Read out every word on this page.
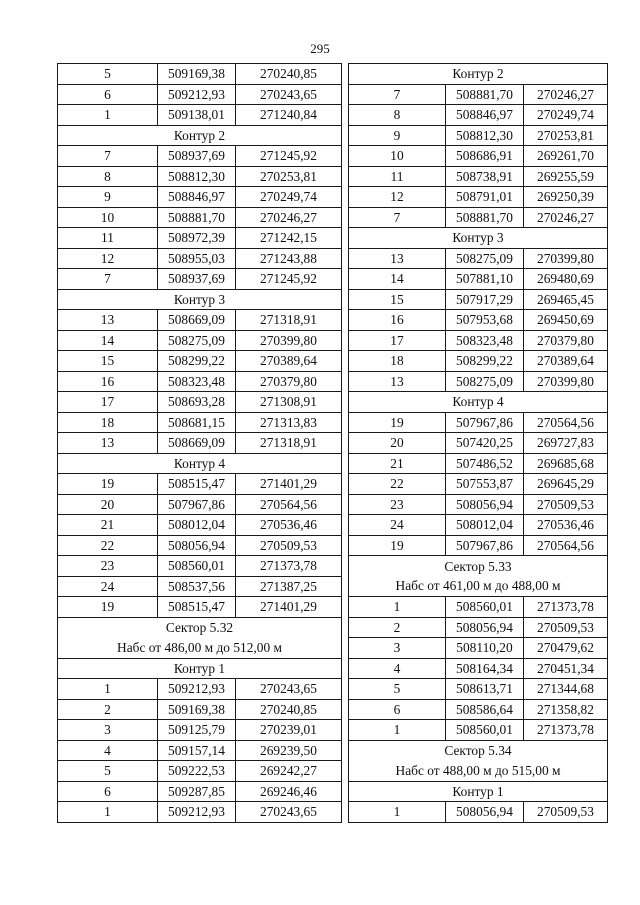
295
5	509169,38	270240,85
6	509212,93	270243,65
1	509138,01	271240,84
Контур 2		
7	508937,69	271245,92
8	508812,30	270253,81
9	508846,97	270249,74
10	508881,70	270246,27
11	508972,39	271242,15
12	508955,03	271243,88
7	508937,69	271245,92
Контур 3		
13	508669,09	271318,91
14	508275,09	270399,80
15	508299,22	270389,64
16	508323,48	270379,80
17	508693,28	271308,91
18	508681,15	271313,83
13	508669,09	271318,91
Контур 4		
19	508515,47	271401,29
20	507967,86	270564,56
21	508012,04	270536,46
22	508056,94	270509,53
23	508560,01	271373,78
24	508537,56	271387,25
19	508515,47	271401,29

Сектор 5.32
Набс от 486,00 м до 512,00 м		

Контур 1		
1	509212,93	270243,65
2	509169,38	270240,85
3	509125,79	270239,01
4	509157,14	269239,50
5	509222,53	269242,27
6	509287,85	269246,46
1	509212,93	270243,65
Контур 2		
7	508881,70	270246,27
8	508846,97	270249,74
9	508812,30	270253,81
10	508686,91	269261,70
11	508738,91	269255,59
12	508791,01	269250,39
7	508881,70	270246,27
Контур 3		
13	508275,09	270399,80
14	507881,10	269480,69
15	507917,29	269465,45
16	507953,68	269450,69
17	508323,48	270379,80
18	508299,22	270389,64
13	508275,09	270399,80
Контур 4		
19	507967,86	270564,56
20	507420,25	269727,83
21	507486,52	269685,68
22	507553,87	269645,29
23	508056,94	270509,53
24	508012,04	270536,46
19	507967,86	270564,56

Сектор 5.33
Набс от 461,00 м до 488,00 м		

1	508560,01	271373,78
2	508056,94	270509,53
3	508110,20	270479,62
4	508164,34	270451,34
5	508613,71	271344,68
6	508586,64	271358,82
1	508560,01	271373,78

Сектор 5.34
Набс от 488,00 м до 515,00 м		

Контур 1		
1	508056,94	270509,53
